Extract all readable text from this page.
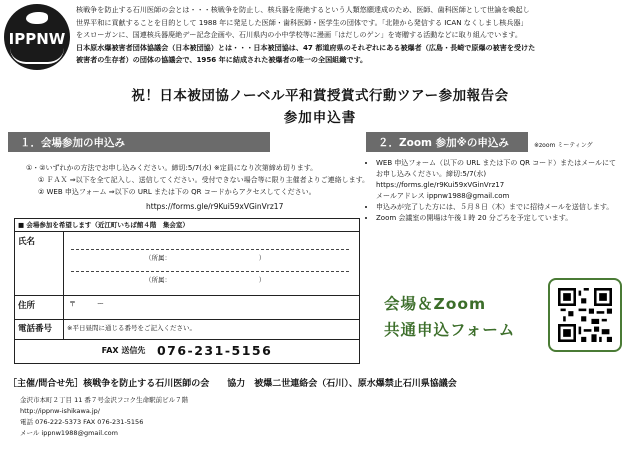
IPPNW

核戦争を防止する石川医師の会とは・・・核戦争を防止し、核兵器を廃絶するという人類悠願達成のため、医師、歯科医師として世論を喚起し

世界平和に貢献することを目的として 1988 年に発足した医師・歯科医師・医学生の団体です。「北陸から発信する ICAN なくしまし核兵器」

をスローガンに、国連核兵器廃絶デー記念企画や、石川県内の小中学校等に漫画「はだしのゲン」を寄贈する活動などに取り組んでいます。

日本原水爆被害者団体協議会（日本被団協）とは・・・日本被団協は、47 都道府県のそれぞれにある被爆者（広島・長崎で原爆の被害を受けた

被害者の生存者）の団体の協議会で、1956 年に結成された被爆者の唯一の全国組織です。

祝！日本被団協ノーベル平和賞授賞式行動ツアー参加報告会
参加申込書
１．会場参加の申込み
①・②いずれかの方法でお申し込みください。締切:5/7(水) ※定員になり次第締め切ります。
① ＦＡＸ ⇒以下を全て記入し、送信してください。受付できない場合等に限り主催者よりご連絡します。
② WEB 申込フォーム ⇒以下の URL または下の QR コードからアクセスしてください。
https://forms.gle/r9Kui59xVGinVrz17
■ 会場参加を希望します（近江町いちば館４階　集会室）
氏名
（所属：　　　　　　　　　　　　　　）
（所属：　　　　　　　　　　　　　　）
住所	〒　　　ー
電話番号 ※平日昼間に通じる番号をご記入ください。
FAX 送信先 076-231-5156
２．Zoom 参加※の申込み	※zoom ミーティング
• WEB 申込フォーム（以下の URL または下の QR コード）またはメールにて
お申し込みください。締切:5/7(水)
https://forms.gle/r9Kui59xVGinVrz17
メールアドレス ippnw1988@gmail.com
• 申込みが完了した方には、５月８日（木）までに招待メールを送信します。
• Zoom 会議室の開場は午後１時 20 分ごろを予定しています。
会場＆Zoom
共通申込フォーム
［主催/問合せ先］核戦争を防止する石川医師の会　　協力　被爆二世連絡会（石川）、原水爆禁止石川県協議会
金沢市本町２丁目 11 番７号金沢フコク生命駅前ビル７階
http://ippnw-ishikawa.jp/
電話 076-222-5373 FAX 076-231-5156
メール ippnw1988@gmail.com
